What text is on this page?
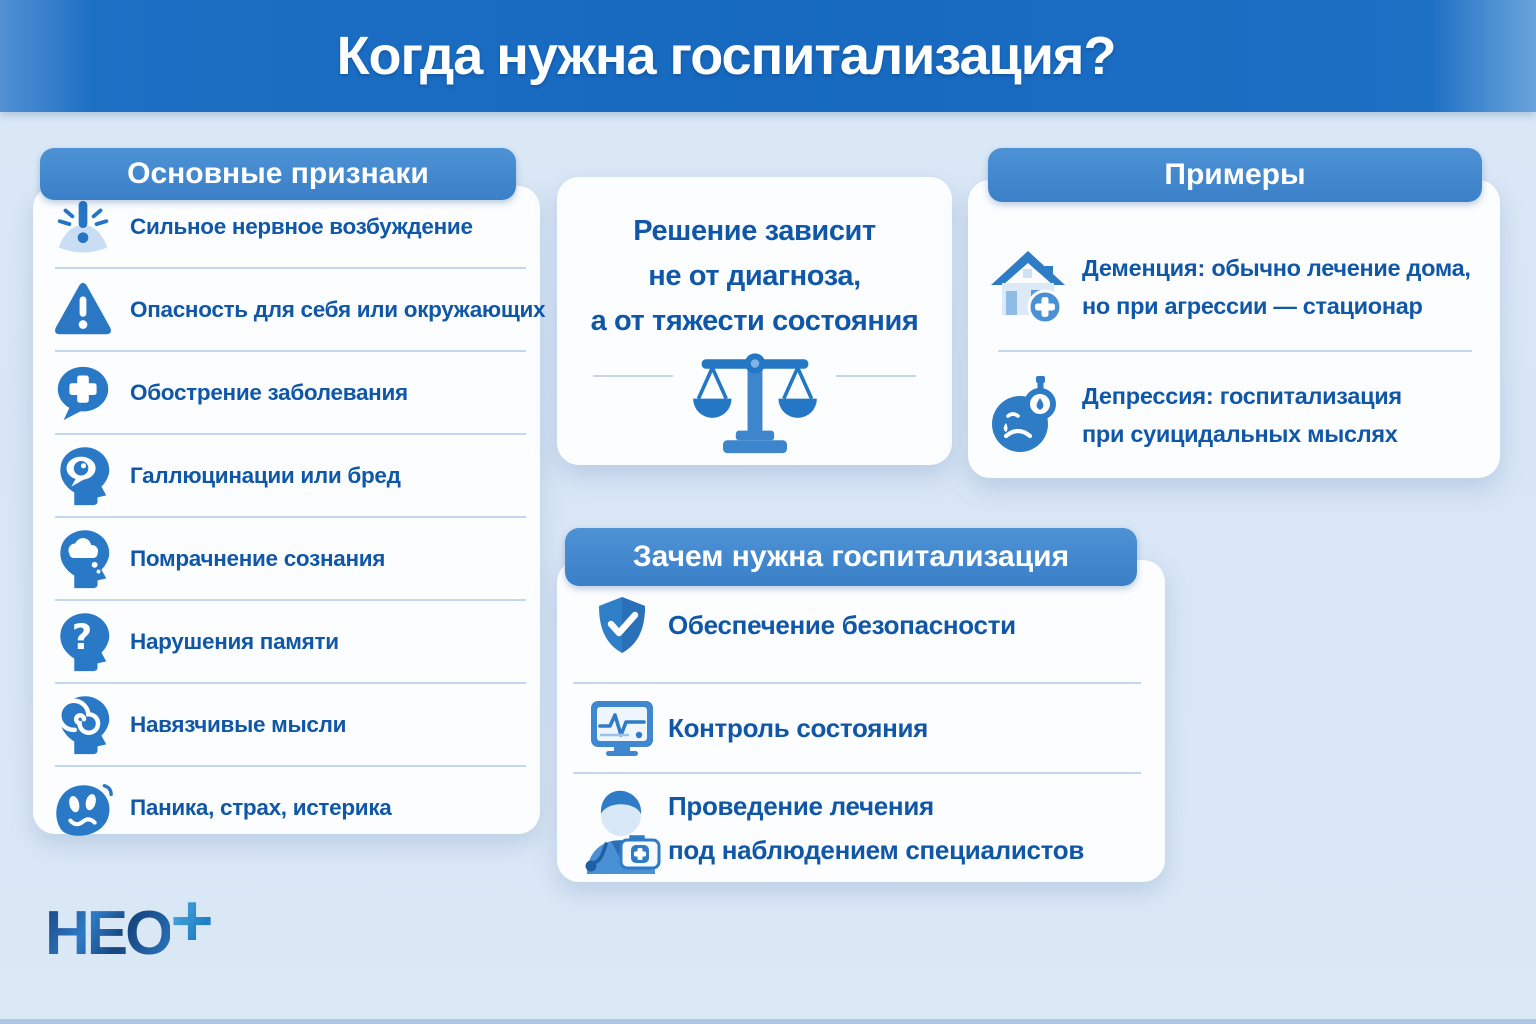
Когда нужна госпитализация?
Основные признаки
Сильное нервное возбуждение
Опасность для себя или окружающих
Обострение заболевания
Галлюцинации или бред
Помрачнение сознания
? Нарушения памяти
Навязчивые мысли
Паника, страх, истерика

Решение зависит

не от диагноза,

а от тяжести состояния

Примеры
Деменция: обычно лечение дома,
но при агрессии — стационар
Депрессия: госпитализация
при суицидальных мыслях
Зачем нужна госпитализация
Обеспечение безопасности
Контроль состояния
Проведение лечения
под наблюдением специалистов
НЕО +
